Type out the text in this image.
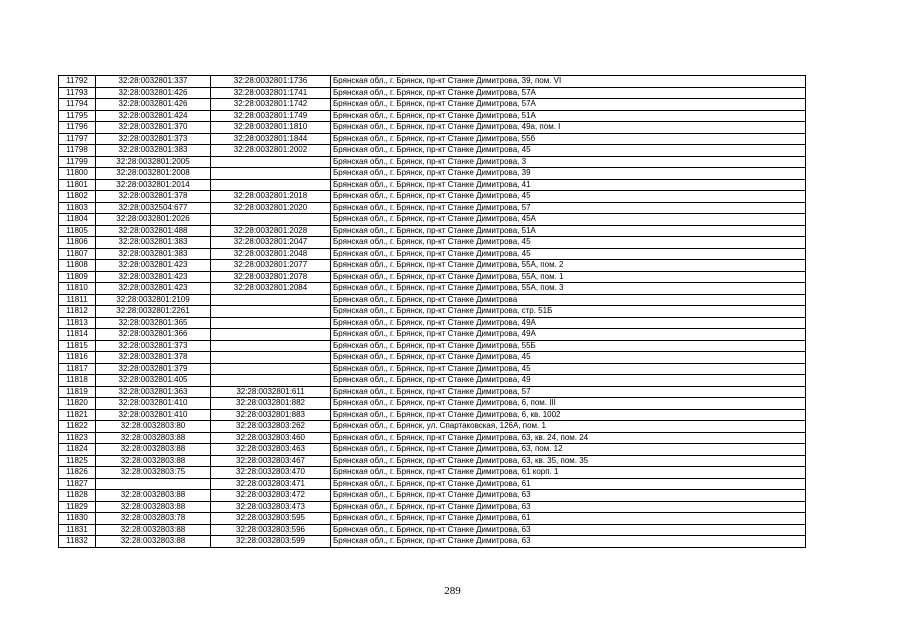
11792	32:28:0032801:337	32:28:0032801:1736	Брянская обл., г. Брянск, пр-кт Станке Димитрова, 39, пом. VI
11793	32:28:0032801:426	32:28:0032801:1741	Брянская обл., г. Брянск, пр-кт Станке Димитрова, 57А
11794	32:28:0032801:426	32:28:0032801:1742	Брянская обл., г. Брянск, пр-кт Станке Димитрова, 57А
11795	32:28:0032801:424	32:28:0032801:1749	Брянская обл., г. Брянск, пр-кт Станке Димитрова, 51А
11796	32:28:0032801:370	32:28:0032801:1810	Брянская обл., г. Брянск, пр-кт Станке Димитрова, 49а, пом. I
11797	32:28:0032801:373	32:28:0032801:1844	Брянская обл., г. Брянск, пр-кт Станке Димитрова, 55б
11798	32:28:0032801:383	32:28:0032801:2002	Брянская обл., г. Брянск, пр-кт Станке Димитрова, 45
11799	32:28:0032801:2005		Брянская обл., г. Брянск, пр-кт Станке Димитрова, 3
11800	32:28:0032801:2008		Брянская обл., г. Брянск, пр-кт Станке Димитрова, 39
11801	32:28:0032801:2014		Брянская обл., г. Брянск, пр-кт Станке Димитрова, 41
11802	32:28:0032801:378	32:28:0032801:2018	Брянская обл., г. Брянск, пр-кт Станке Димитрова, 45
11803	32:28:0032504:677	32:28:0032801:2020	Брянская обл., г. Брянск, пр-кт Станке Димитрова, 57
11804	32:28:0032801:2026		Брянская обл., г. Брянск, пр-кт Станке Димитрова, 45А
11805	32:28:0032801:488	32:28:0032801:2028	Брянская обл., г. Брянск, пр-кт Станке Димитрова, 51А
11806	32:28:0032801:383	32:28:0032801:2047	Брянская обл., г. Брянск, пр-кт Станке Димитрова, 45
11807	32:28:0032801:383	32:28:0032801:2048	Брянская обл., г. Брянск, пр-кт Станке Димитрова, 45
11808	32:28:0032801:423	32:28:0032801:2077	Брянская обл., г. Брянск, пр-кт Станке Димитрова, 55А, пом. 2
11809	32:28:0032801:423	32:28:0032801:2078	Брянская обл., г. Брянск, пр-кт Станке Димитрова, 55А, пом. 1
11810	32:28:0032801:423	32:28:0032801:2084	Брянская обл., г. Брянск, пр-кт Станке Димитрова, 55А, пом. 3
11811	32:28:0032801:2109		Брянская обл., г. Брянск, пр-кт Станке Димитрова
11812	32:28:0032801:2261		Брянская обл., г. Брянск, пр-кт Станке Димитрова, стр. 51Б
11813	32:28:0032801:365		Брянская обл., г. Брянск, пр-кт Станке Димитрова, 49А
11814	32:28:0032801:366		Брянская обл., г. Брянск, пр-кт Станке Димитрова, 49А
11815	32:28:0032801:373		Брянская обл., г. Брянск, пр-кт Станке Димитрова, 55Б
11816	32:28:0032801:378		Брянская обл., г. Брянск, пр-кт Станке Димитрова, 45
11817	32:28:0032801:379		Брянская обл., г. Брянск, пр-кт Станке Димитрова, 45
11818	32:28:0032801:405		Брянская обл., г. Брянск, пр-кт Станке Димитрова, 49
11819	32:28:0032801:363	32:28:0032801:611	Брянская обл., г. Брянск, пр-кт Станке Димитрова, 57
11820	32:28:0032801:410	32:28:0032801:882	Брянская обл., г. Брянск, пр-кт Станке Димитрова, 6, пом. III
11821	32:28:0032801:410	32:28:0032801:883	Брянская обл., г. Брянск, пр-кт Станке Димитрова, 6, кв. 1002
11822	32:28:0032803:80	32:28:0032803:262	Брянская обл., г. Брянск, ул. Спартаковская, 126А, пом. 1
11823	32:28:0032803:88	32:28:0032803:460	Брянская обл., г. Брянск, пр-кт Станке Димитрова, 63, кв. 24, пом. 24
11824	32:28:0032803:88	32:28:0032803:463	Брянская обл., г. Брянск, пр-кт Станке Димитрова, 63, пом. 12
11825	32:28:0032803:88	32:28:0032803:467	Брянская обл., г. Брянск, пр-кт Станке Димитрова, 63, кв. 35, пом. 35
11826	32:28:0032803:75	32:28:0032803:470	Брянская обл., г. Брянск, пр-кт Станке Димитрова, 61 корп. 1
11827		32:28:0032803:471	Брянская обл., г. Брянск, пр-кт Станке Димитрова, 61
11828	32:28:0032803:88	32:28:0032803:472	Брянская обл., г. Брянск, пр-кт Станке Димитрова, 63
11829	32:28:0032803:88	32:28:0032803:473	Брянская обл., г. Брянск, пр-кт Станке Димитрова, 63
11830	32:28:0032803:78	32:28:0032803:595	Брянская обл., г. Брянск, пр-кт Станке Димитрова, 61
11831	32:28:0032803:88	32:28:0032803:596	Брянская обл., г. Брянск, пр-кт Станке Димитрова, 63
11832	32:28:0032803:88	32:28:0032803:599	Брянская обл., г. Брянск, пр-кт Станке Димитрова, 63
289
